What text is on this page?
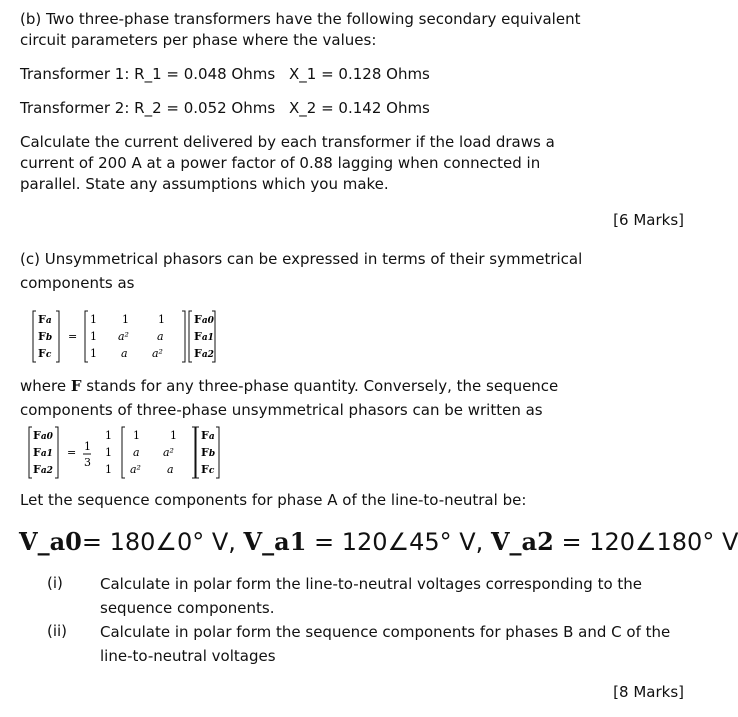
(b) Two three-phase transformers have the following secondary equivalent circuit parameters per phase where the values:
Transformer 1: R_1 = 0.048 Ohms X_1 = 0.128 Ohms
Transformer 2: R_2 = 0.052 Ohms X_2 = 0.142 Ohms
Calculate the current delivered by each transformer if the load draws a current of 200 A at a power factor of 0.88 lagging when connected in parallel. State any assumptions which you make.
[6 Marks]
(c) Unsymmetrical phasors can be expressed in terms of their symmetrical components as
Fa
Fb
Fc
=
1 1	1
1 a²	a
1 a a²
Fa0
Fa1
Fa2
where F stands for any three-phase quantity. Conversely, the sequence components of three-phase unsymmetrical phasors can be written as
Fa0
Fa1
Fa2
= 1
3
1 1	1
1 a a²
1 a² a
Fa
Fb
Fc
Let the sequence components for phase A of the line-to-neutral be:
V_a0= 180∠0° V, V_a1 = 120∠45° V, V_a2 = 120∠180° V
(i) Calculate in polar form the line-to-neutral voltages corresponding to the sequence components.
(ii) Calculate in polar form the sequence components for phases B and C of the line-to-neutral voltages
[8 Marks]
